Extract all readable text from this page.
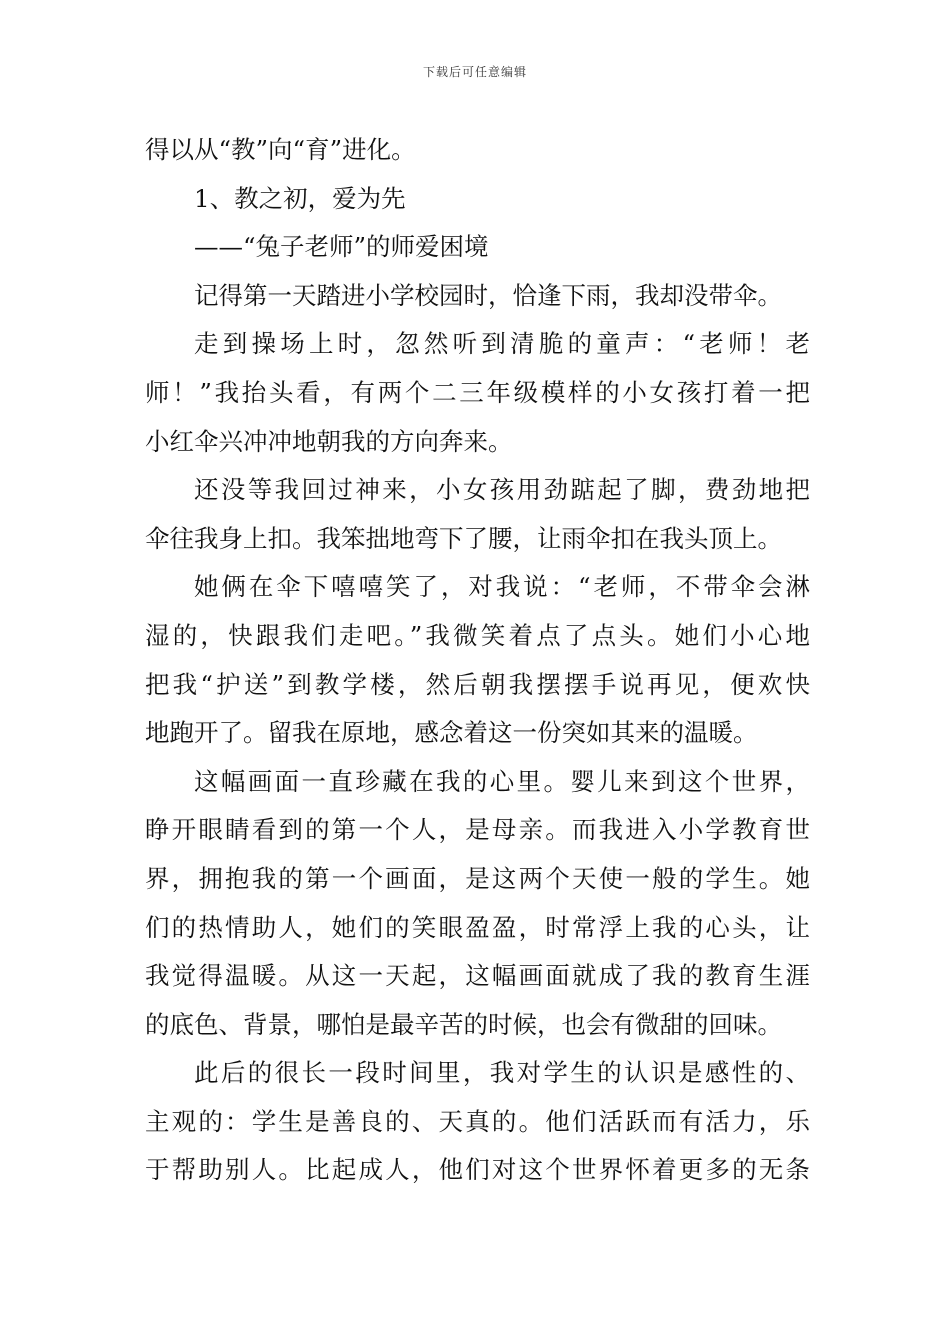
下载后可任意编辑
得以从“教”向“育”进化。
1、教之初，爱为先
——“兔子老师”的师爱困境
记得第一天踏进小学校园时，恰逢下雨，我却没带伞。
走到操场上时，忽然听到清脆的童声：“老师！老
师！”我抬头看，有两个二三年级模样的小女孩打着一把
小红伞兴冲冲地朝我的方向奔来。
还没等我回过神来，小女孩用劲踮起了脚，费劲地把
伞往我身上扣。我笨拙地弯下了腰，让雨伞扣在我头顶上。
她俩在伞下嘻嘻笑了，对我说：“老师，不带伞会淋
湿的，快跟我们走吧。”我微笑着点了点头。她们小心地
把我“护送”到教学楼，然后朝我摆摆手说再见，便欢快
地跑开了。留我在原地，感念着这一份突如其来的温暖。
这幅画面一直珍藏在我的心里。婴儿来到这个世界，
睁开眼睛看到的第一个人，是母亲。而我进入小学教育世
界，拥抱我的第一个画面，是这两个天使一般的学生。她
们的热情助人，她们的笑眼盈盈，时常浮上我的心头，让
我觉得温暖。从这一天起，这幅画面就成了我的教育生涯
的底色、背景，哪怕是最辛苦的时候，也会有微甜的回味。
此后的很长一段时间里，我对学生的认识是感性的、
主观的：学生是善良的、天真的。他们活跃而有活力，乐
于帮助别人。比起成人，他们对这个世界怀着更多的无条
